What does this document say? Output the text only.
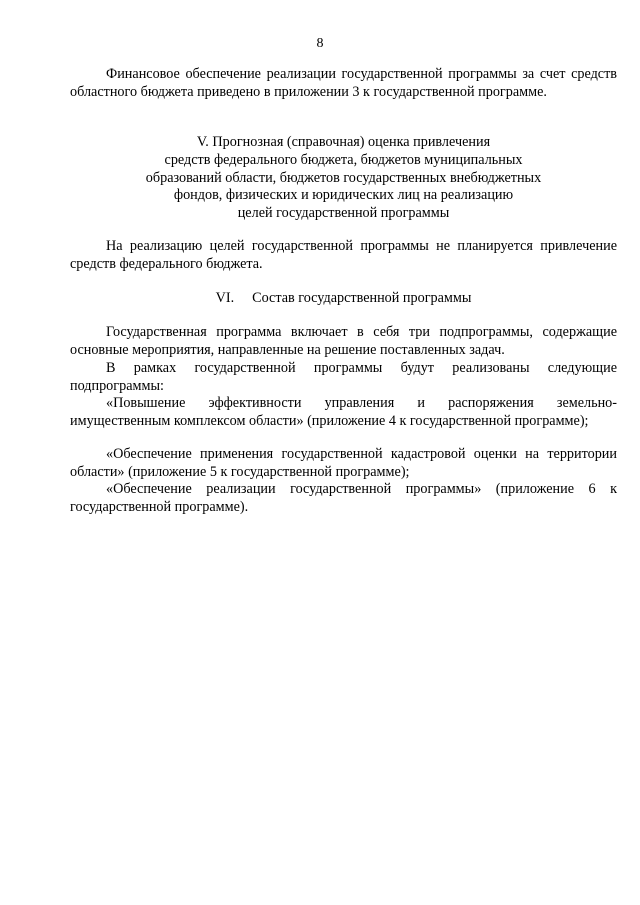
8

Финансовое обеспечение реализации государственной программы за счет средств областного бюджета приведено в приложении 3 к государственной программе.

V. Прогнозная (справочная) оценка привлечения
средств федерального бюджета, бюджетов муниципальных
образований области, бюджетов государственных внебюджетных
фондов, физических и юридических лиц на реализацию
целей государственной программы

На реализацию целей государственной программы не планируется привлечение средств федерального бюджета.

VI. Состав государственной программы

Государственная программа включает в себя три подпрограммы, содержащие основные мероприятия, направленные на решение поставленных задач.

В рамках государственной программы будут реализованы следующие подпрограммы:

«Повышение эффективности управления и распоряжения земельно-имущественным комплексом области» (приложение 4 к государственной программе);

«Обеспечение применения государственной кадастровой оценки на территории области» (приложение 5 к государственной программе);

«Обеспечение реализации государственной программы» (приложение 6 к государственной программе).
